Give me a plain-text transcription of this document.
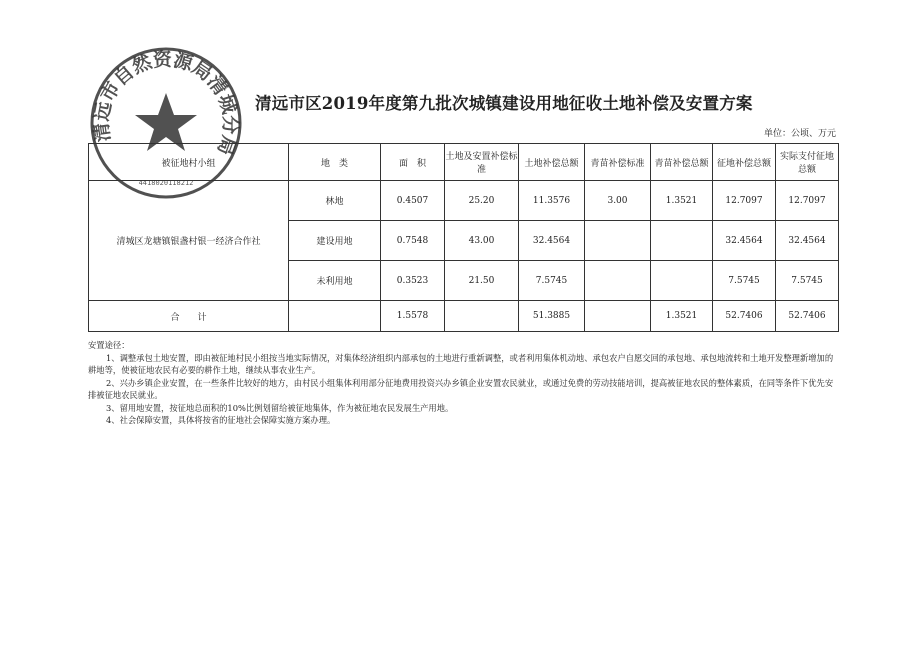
清远市区2019年度第九批次城镇建设用地征收土地补偿及安置方案
单位：公顷、万元
被征地村小组	地　类	面　积	土地及安置补偿标准	土地补偿总额	青苗补偿标准	青苗补偿总额	征地补偿总额	实际支付征地总额
清城区龙塘镇银盏村银一经济合作社	林地	0.4507	25.20	11.3576	3.00	1.3521	12.7097	12.7097
	建设用地	0.7548	43.00	32.4564			32.4564	32.4564
	未利用地	0.3523	21.50	7.5745			7.5745	7.5745
合　　计		1.5578		51.3885		1.3521	52.7406	52.7406

安置途径：

1、调整承包土地安置，即由被征地村民小组按当地实际情况，对集体经济组织内部承包的土地进行重新调整，或者利用集体机动地、承包农户自愿交回的承包地、承包地流转和土地开发整理新增加的耕地等，使被征地农民有必要的耕作土地，继续从事农业生产。

2、兴办乡镇企业安置，在一些条件比较好的地方，由村民小组集体利用部分征地费用投资兴办乡镇企业安置农民就业，或通过免费的劳动技能培训，提高被征地农民的整体素质，在同等条件下优先安排被征地农民就业。

3、留用地安置，按征地总面积的10%比例划留给被征地集体，作为被征地农民发展生产用地。

4、社会保障安置，具体将按省的征地社会保障实施方案办理。

清远市自然资源局清城分局
4418020118212
